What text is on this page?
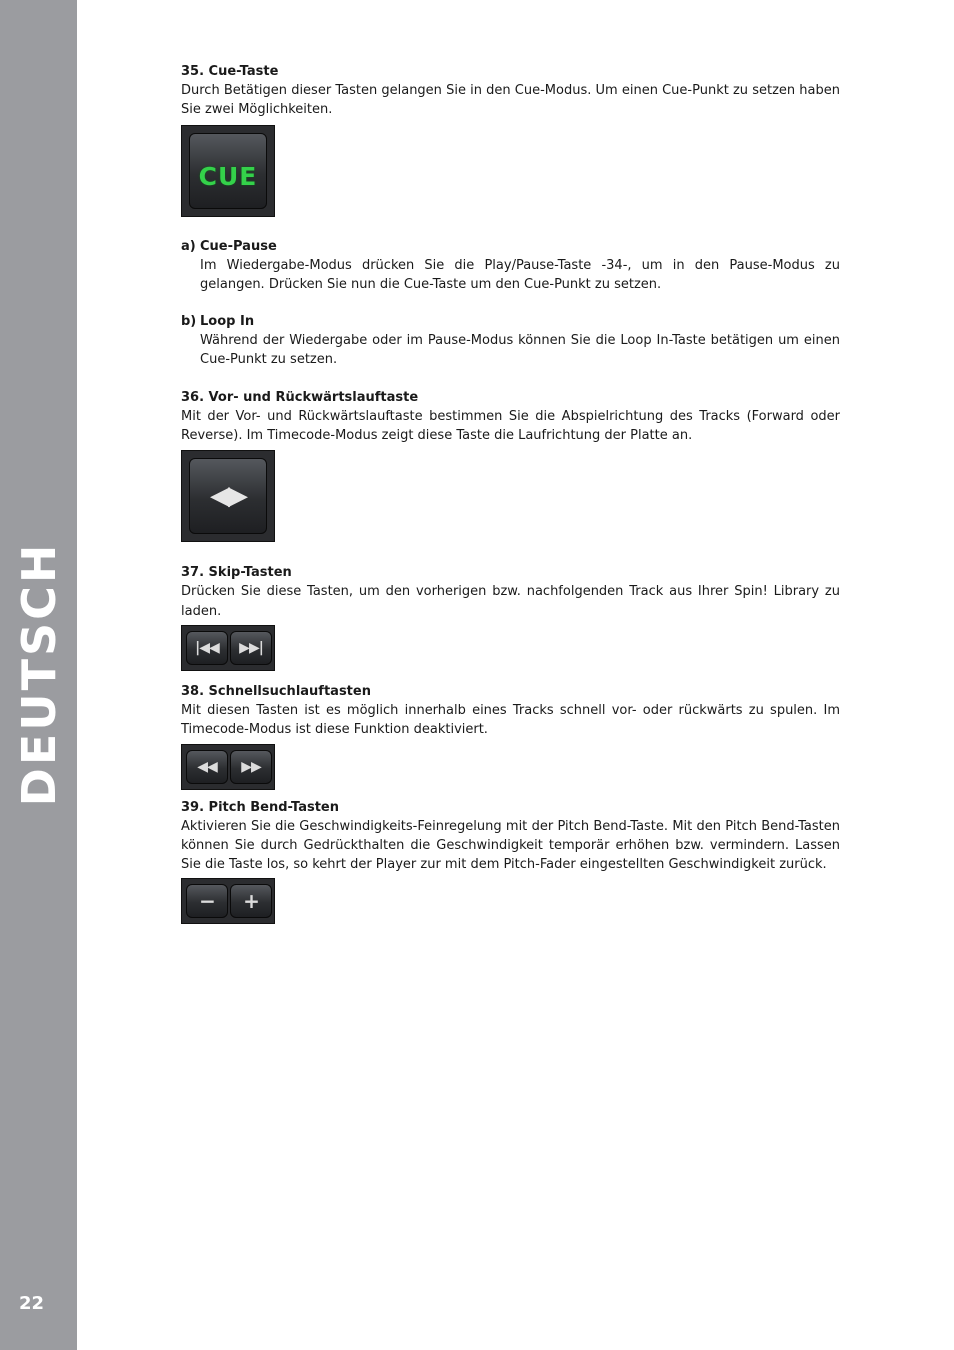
DEUTSCH
22
35. Cue-Taste

Durch Betätigen dieser Tasten gelangen Sie in den Cue-Modus. Um einen Cue-Punkt zu setzen haben Sie zwei Möglichkeiten.

CUE
a) Cue-Pause

Im Wiedergabe-Modus drücken Sie die Play/Pause-Taste -34-, um in den Pause-Modus zu gelangen. Drücken Sie nun die Cue-Taste um den Cue-Punkt zu setzen.

b) Loop In

Während der Wiedergabe oder im Pause-Modus können Sie die Loop In-Taste betätigen um einen Cue-Punkt zu setzen.

36. Vor- und Rückwärtslauftaste

Mit der Vor- und Rückwärtslauftaste bestimmen Sie die Abspielrichtung des Tracks (Forward oder Reverse). Im Timecode-Modus zeigt diese Taste die Laufrichtung der Platte an.

◀▶
37. Skip-Tasten

Drücken Sie diese Tasten, um den vorherigen bzw. nachfolgenden Track aus Ihrer Spin! Library zu laden.

|◀◀	▶▶|
38. Schnellsuchlauftasten

Mit diesen Tasten ist es möglich innerhalb eines Tracks schnell vor- oder rückwärts zu spulen. Im Timecode-Modus ist diese Funktion deaktiviert.

◀◀	▶▶
39. Pitch Bend-Tasten

Aktivieren Sie die Geschwindigkeits-Feinregelung mit der Pitch Bend-Taste. Mit den Pitch Bend-Tasten können Sie durch Gedrückthalten die Geschwindigkeit temporär erhöhen bzw. vermindern. Lassen Sie die Taste los, so kehrt der Player zur mit dem Pitch-Fader eingestellten Geschwindigkeit zurück.

−	+
